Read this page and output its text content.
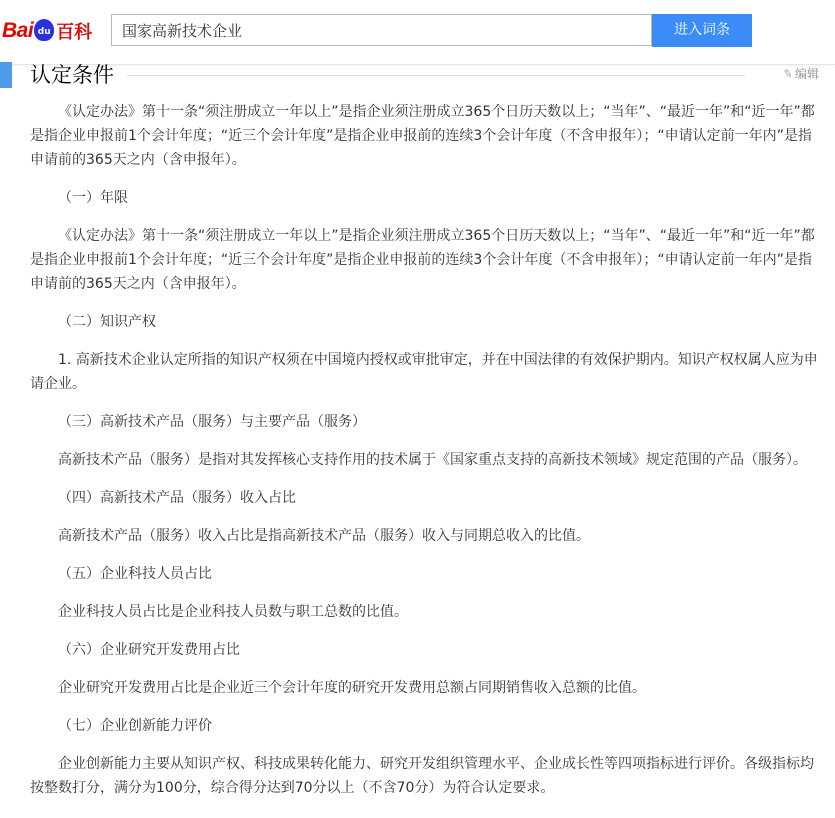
Bai du 百科
国家高新技术企业	进入词条
认定条件	✎ 编辑

《认定办法》第十一条“须注册成立一年以上”是指企业须注册成立365个日历天数以上；“当年”、“最近一年”和“近一年”都是指企业申报前1个会计年度；“近三个会计年度”是指企业申报前的连续3个会计年度（不含申报年）；“申请认定前一年内”是指申请前的365天之内（含申报年）。

（一）年限

《认定办法》第十一条“须注册成立一年以上”是指企业须注册成立365个日历天数以上；“当年”、“最近一年”和“近一年”都是指企业申报前1个会计年度；“近三个会计年度”是指企业申报前的连续3个会计年度（不含申报年）；“申请认定前一年内”是指申请前的365天之内（含申报年）。

（二）知识产权

1. 高新技术企业认定所指的知识产权须在中国境内授权或审批审定，并在中国法律的有效保护期内。知识产权权属人应为申请企业。

（三）高新技术产品（服务）与主要产品（服务）

高新技术产品（服务）是指对其发挥核心支持作用的技术属于《国家重点支持的高新技术领域》规定范围的产品（服务）。

（四）高新技术产品（服务）收入占比

高新技术产品（服务）收入占比是指高新技术产品（服务）收入与同期总收入的比值。

（五）企业科技人员占比

企业科技人员占比是企业科技人员数与职工总数的比值。

（六）企业研究开发费用占比

企业研究开发费用占比是企业近三个会计年度的研究开发费用总额占同期销售收入总额的比值。

（七）企业创新能力评价

企业创新能力主要从知识产权、科技成果转化能力、研究开发组织管理水平、企业成长性等四项指标进行评价。各级指标均按整数打分，满分为100分，综合得分达到70分以上（不含70分）为符合认定要求。
